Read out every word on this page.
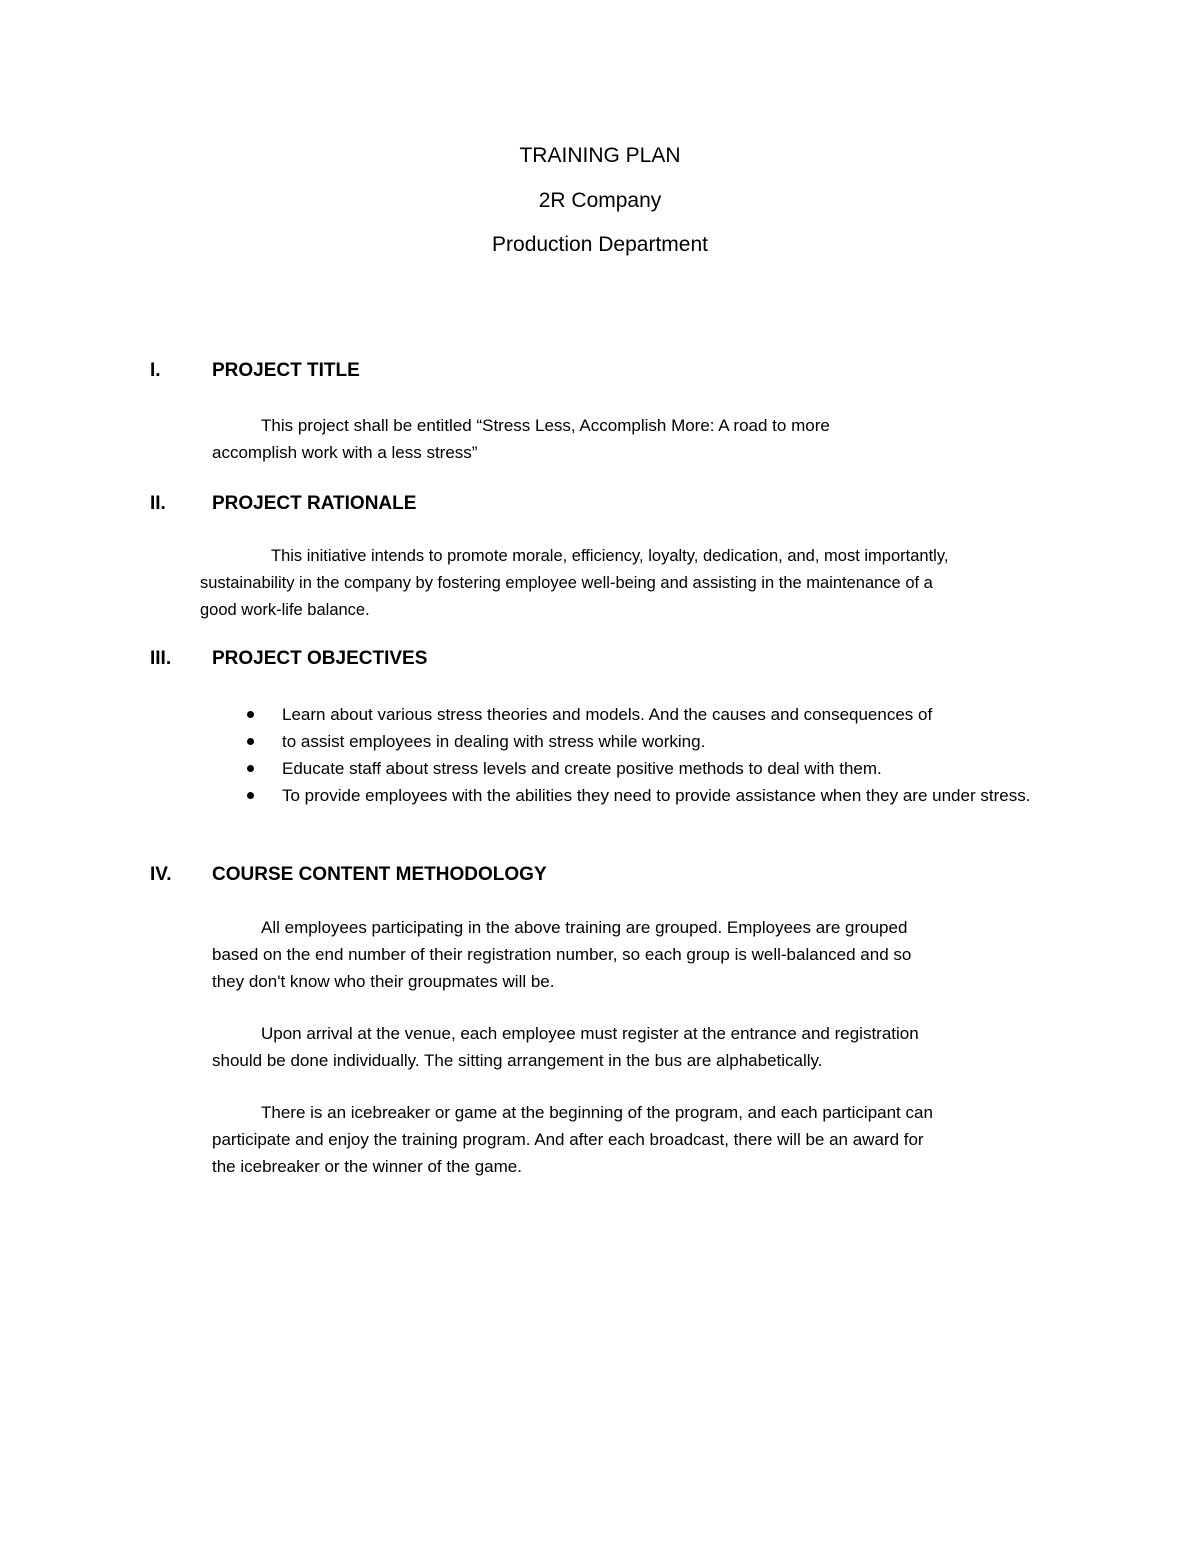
TRAINING PLAN
2R Company
Production Department
I.	PROJECT TITLE
This project shall be entitled “Stress Less, Accomplish More: A road to more
accomplish work with a less stress”
II. PROJECT RATIONALE
This initiative intends to promote morale, efficiency, loyalty, dedication, and, most importantly,
sustainability in the company by fostering employee well-being and assisting in the maintenance of a
good work-life balance.
III. PROJECT OBJECTIVES
Learn about various stress theories and models. And the causes and consequences of
to assist employees in dealing with stress while working.
Educate staff about stress levels and create positive methods to deal with them.
To provide employees with the abilities they need to provide assistance when they are under stress.
IV. COURSE CONTENT METHODOLOGY
All employees participating in the above training are grouped. Employees are grouped
based on the end number of their registration number, so each group is well-balanced and so
they don't know who their groupmates will be.
Upon arrival at the venue, each employee must register at the entrance and registration
should be done individually. The sitting arrangement in the bus are alphabetically.
There is an icebreaker or game at the beginning of the program, and each participant can
participate and enjoy the training program. And after each broadcast, there will be an award for
the icebreaker or the winner of the game.
